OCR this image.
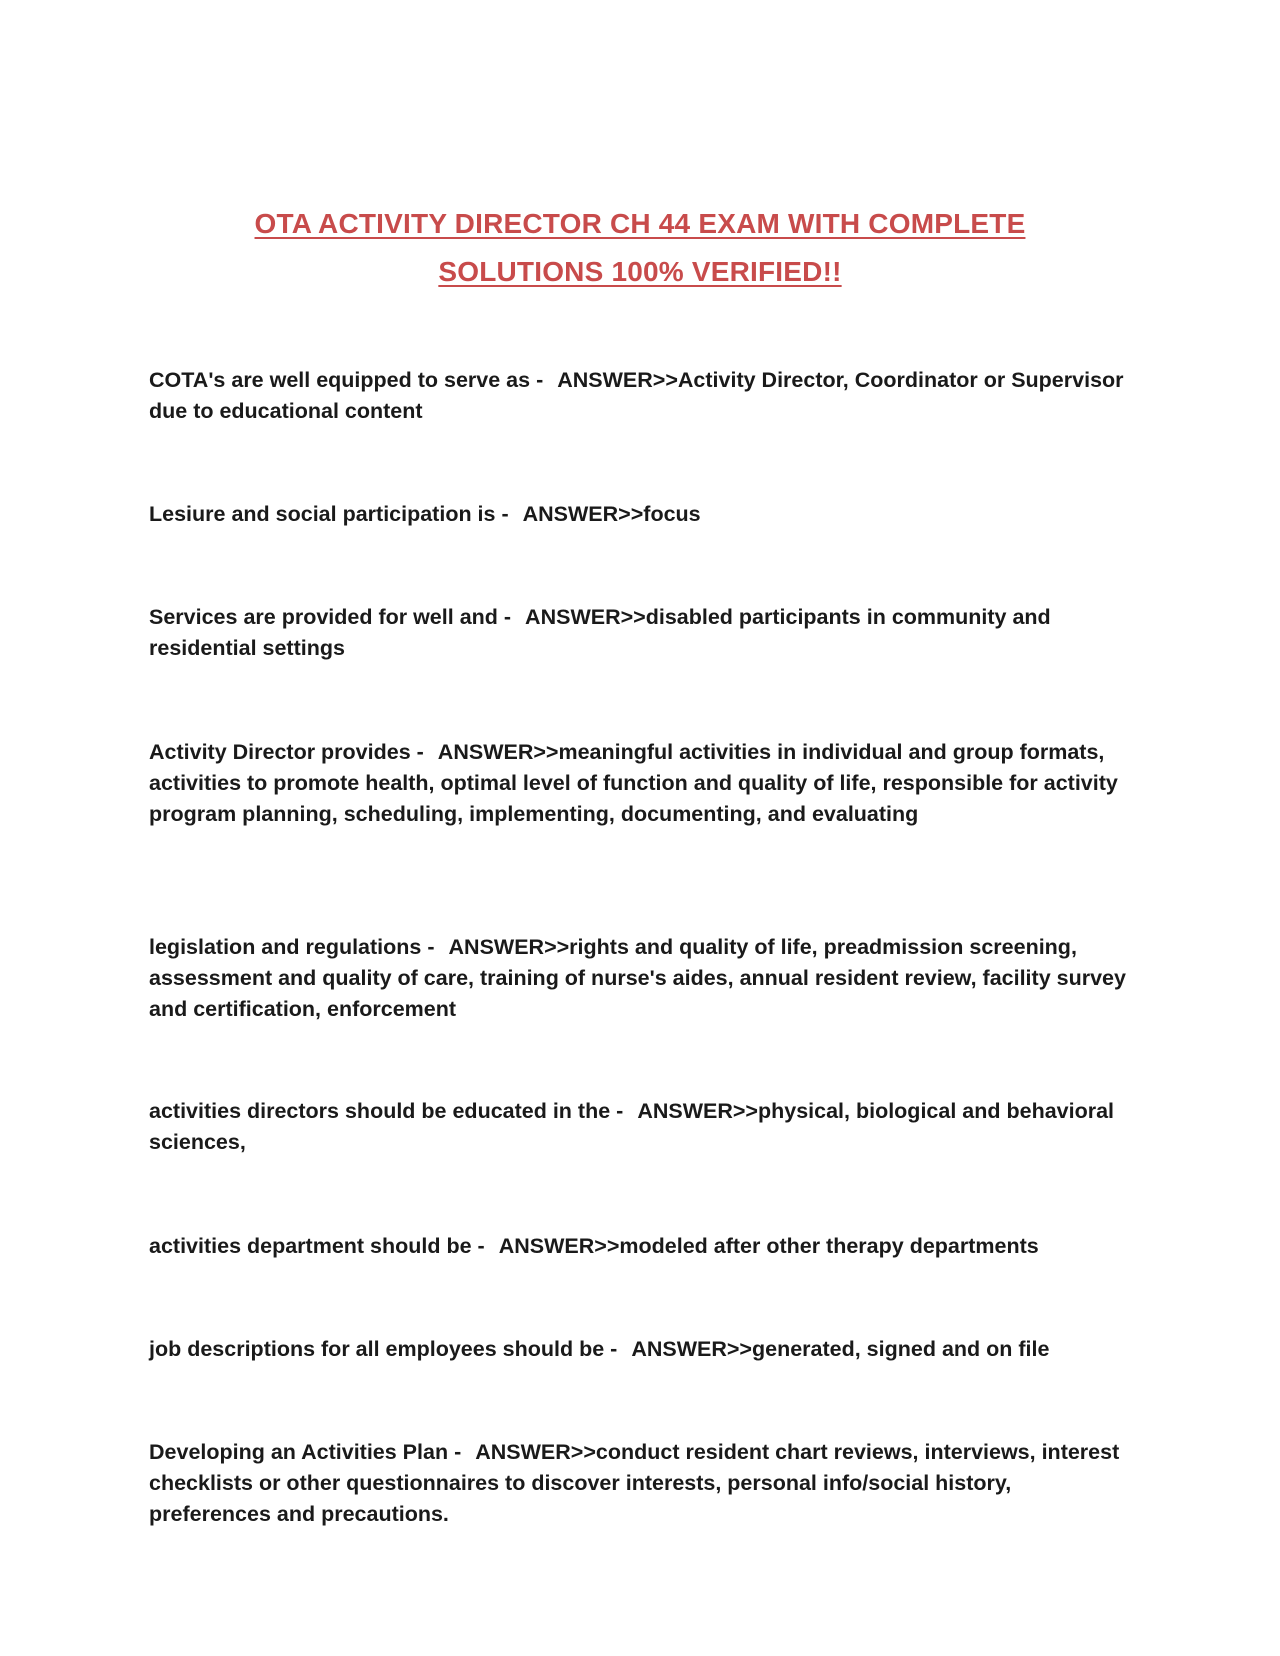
OTA ACTIVITY DIRECTOR CH 44 EXAM WITH COMPLETE
SOLUTIONS 100% VERIFIED!!
COTA's are well equipped to serve as - ANSWER>>Activity Director, Coordinator or Supervisor due to educational content
Lesiure and social participation is - ANSWER>>focus
Services are provided for well and - ANSWER>>disabled participants in community and residential settings
Activity Director provides - ANSWER>>meaningful activities in individual and group formats, activities to promote health, optimal level of function and quality of life, responsible for activity program planning, scheduling, implementing, documenting, and evaluating
legislation and regulations - ANSWER>>rights and quality of life, preadmission screening, assessment and quality of care, training of nurse's aides, annual resident review, facility survey and certification, enforcement
activities directors should be educated in the - ANSWER>>physical, biological and behavioral sciences,
activities department should be - ANSWER>>modeled after other therapy departments
job descriptions for all employees should be - ANSWER>>generated, signed and on file
Developing an Activities Plan - ANSWER>>conduct resident chart reviews, interviews, interest checklists or other questionnaires to discover interests, personal info/social history, preferences and precautions.
